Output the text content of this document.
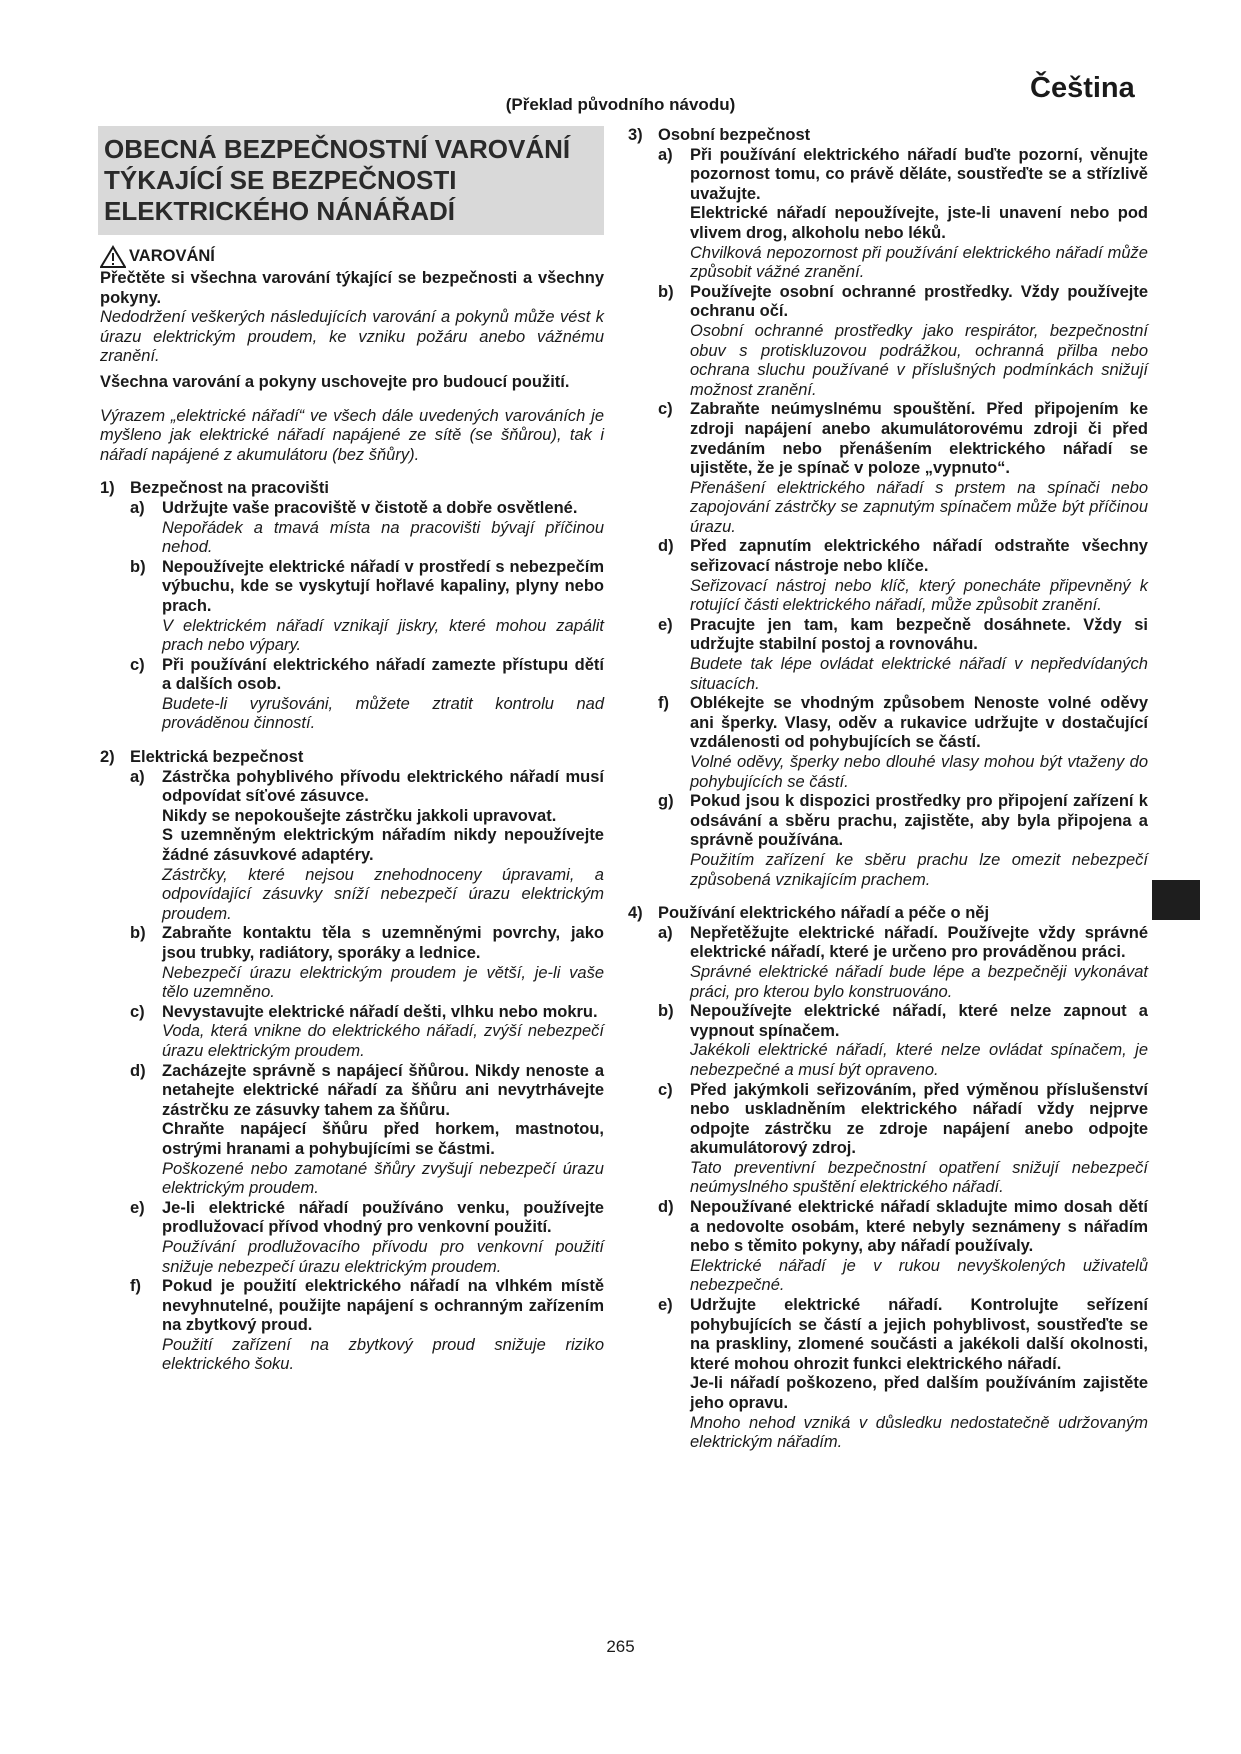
Čeština
(Překlad původního návodu)
OBECNÁ BEZPEČNOSTNÍ VAROVÁNÍ
TÝKAJÍCÍ SE BEZPEČNOSTI
ELEKTRICKÉHO NÁNÁŘADÍ
VAROVÁNÍ

Přečtěte si všechna varování týkající se bezpečnosti a všechny pokyny.

Nedodržení veškerých následujících varování a pokynů může vést k úrazu elektrickým proudem, ke vzniku požáru anebo vážnému zranění.

Všechna varování a pokyny uschovejte pro budoucí použití.

Výrazem „elektrické nářadí“ ve všech dále uvedených varováních je myšleno jak elektrické nářadí napájené ze sítě (se šňůrou), tak i nářadí napájené z akumulátoru (bez šňůry).

1) Bezpečnost na pracovišti
a)	Udržujte vaše pracoviště v čistotě a dobře osvětlené.

Nepořádek a tmavá místa na pracovišti bývají příčinou nehod.

b) Nepoužívejte elektrické nářadí v prostředí s nebezpečím výbuchu, kde se vyskytují hořlavé kapaliny, plyny nebo prach.

V elektrickém nářadí vznikají jiskry, které mohou zapálit prach nebo výpary.

c)	Při používání elektrického nářadí zamezte přístupu dětí a dalších osob.

Budete-li vyrušováni, můžete ztratit kontrolu nad prováděnou činností.

2) Elektrická bezpečnost
a)	Zástrčka pohyblivého přívodu elektrického nářadí musí odpovídat síťové zásuvce.

Nikdy se nepokoušejte zástrčku jakkoli upravovat.

S uzemněným elektrickým nářadím nikdy nepoužívejte žádné zásuvkové adaptéry.

Zástrčky, které nejsou znehodnoceny úpravami, a odpovídající zásuvky sníží nebezpečí úrazu elektrickým proudem.

b) Zabraňte kontaktu těla s uzemněnými povrchy, jako jsou trubky, radiátory, sporáky a lednice.

Nebezpečí úrazu elektrickým proudem je větší, je-li vaše tělo uzemněno.

c)	Nevystavujte elektrické nářadí dešti, vlhku nebo mokru.

Voda, která vnikne do elektrického nářadí, zvýší nebezpečí úrazu elektrickým proudem.

d) Zacházejte správně s napájecí šňůrou. Nikdy nenoste a netahejte elektrické nářadí za šňůru ani nevytrhávejte zástrčku ze zásuvky tahem za šňůru.

Chraňte napájecí šňůru před horkem, mastnotou, ostrými hranami a pohybujícími se částmi.

Poškozené nebo zamotané šňůry zvyšují nebezpečí úrazu elektrickým proudem.

e)	Je-li elektrické nářadí používáno venku, používejte prodlužovací přívod vhodný pro venkovní použití.

Používání prodlužovacího přívodu pro venkovní použití snižuje nebezpečí úrazu elektrickým proudem.

f)	Pokud je použití elektrického nářadí na vlhkém místě nevyhnutelné, použijte napájení s ochranným zařízením na zbytkový proud.

Použití zařízení na zbytkový proud snižuje riziko elektrického šoku.

3) Osobní bezpečnost
a)	Při používání elektrického nářadí buďte pozorní, věnujte pozornost tomu, co právě děláte, soustřeďte se a střízlivě uvažujte.

Elektrické nářadí nepoužívejte, jste-li unavení nebo pod vlivem drog, alkoholu nebo léků.

Chvilková nepozornost při používání elektrického nářadí může způsobit vážné zranění.

b) Používejte osobní ochranné prostředky. Vždy používejte ochranu očí.

Osobní ochranné prostředky jako respirátor, bezpečnostní obuv s protiskluzovou podrážkou, ochranná přilba nebo ochrana sluchu používané v příslušných podmínkách snižují možnost zranění.

c)	Zabraňte neúmyslnému spouštění. Před připojením ke zdroji napájení anebo akumulátorovému zdroji či před zvedáním nebo přenášením elektrického nářadí se ujistěte, že je spínač v poloze „vypnuto“.

Přenášení elektrického nářadí s prstem na spínači nebo zapojování zástrčky se zapnutým spínačem může být příčinou úrazu.

d) Před zapnutím elektrického nářadí odstraňte všechny seřizovací nástroje nebo klíče.

Seřizovací nástroj nebo klíč, který ponecháte připevněný k rotující části elektrického nářadí, může způsobit zranění.

e)	Pracujte jen tam, kam bezpečně dosáhnete. Vždy si udržujte stabilní postoj a rovnováhu.

Budete tak lépe ovládat elektrické nářadí v nepředvídaných situacích.

f)	Oblékejte se vhodným způsobem Nenoste volné oděvy ani šperky. Vlasy, oděv a rukavice udržujte v dostačující vzdálenosti od pohybujících se částí.

Volné oděvy, šperky nebo dlouhé vlasy mohou být vtaženy do pohybujících se částí.

g) Pokud jsou k dispozici prostředky pro připojení zařízení k odsávání a sběru prachu, zajistěte, aby byla připojena a správně používána.

Použitím zařízení ke sběru prachu lze omezit nebezpečí způsobená vznikajícím prachem.

4) Používání elektrického nářadí a péče o něj
a)	Nepřetěžujte elektrické nářadí. Používejte vždy správné elektrické nářadí, které je určeno pro prováděnou práci.

Správné elektrické nářadí bude lépe a bezpečněji vykonávat práci, pro kterou bylo konstruováno.

b) Nepoužívejte elektrické nářadí, které nelze zapnout a vypnout spínačem.

Jakékoli elektrické nářadí, které nelze ovládat spínačem, je nebezpečné a musí být opraveno.

c)	Před jakýmkoli seřizováním, před výměnou příslušenství nebo uskladněním elektrického nářadí vždy nejprve odpojte zástrčku ze zdroje napájení anebo odpojte akumulátorový zdroj.

Tato preventivní bezpečnostní opatření snižují nebezpečí neúmyslného spuštění elektrického nářadí.

d) Nepoužívané elektrické nářadí skladujte mimo dosah dětí a nedovolte osobám, které nebyly seznámeny s nářadím nebo s těmito pokyny, aby nářadí používaly.

Elektrické nářadí je v rukou nevyškolených uživatelů nebezpečné.

e)	Udržujte elektrické nářadí. Kontrolujte seřízení pohybujících se částí a jejich pohyblivost, soustřeďte se na praskliny, zlomené součásti a jakékoli další okolnosti, které mohou ohrozit funkci elektrického nářadí.

Je-li nářadí poškozeno, před dalším používáním zajistěte jeho opravu.

Mnoho nehod vzniká v důsledku nedostatečně udržovaným elektrickým nářadím.

265
